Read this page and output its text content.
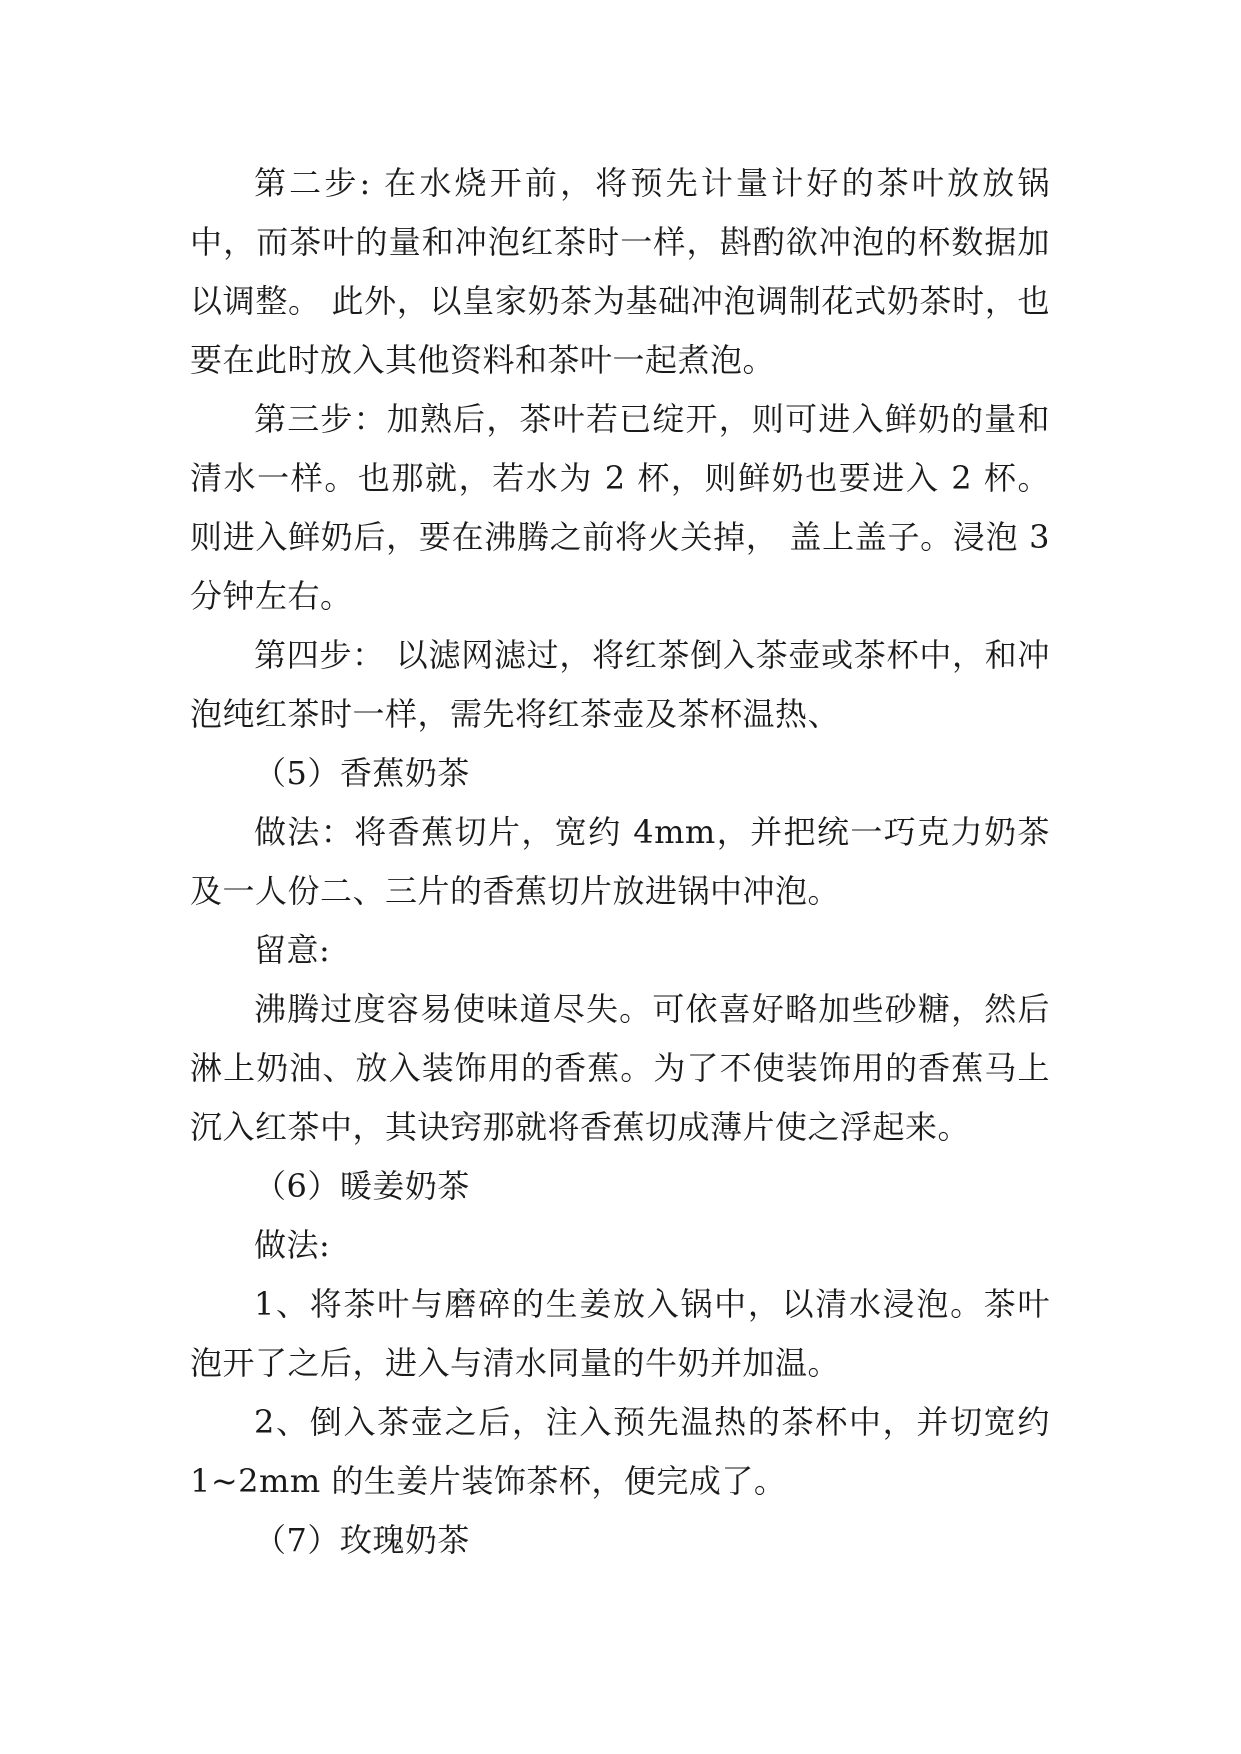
第二步: 在水烧开前，将预先计量计好的茶叶放放锅中，而茶叶的量和冲泡红茶时一样，斟酌欲冲泡的杯数据加以调整。 此外，以皇家奶茶为基础冲泡调制花式奶茶时，也要在此时放入其他资料和茶叶一起煮泡。

第三步：加熟后，茶叶若已绽开，则可进入鲜奶的量和清水一样。也那就，若水为 2 杯，则鲜奶也要进入 2 杯。则进入鲜奶后，要在沸腾之前将火关掉， 盖上盖子。浸泡 3 分钟左右。

第四步： 以滤网滤过，将红茶倒入茶壶或茶杯中，和冲泡纯红茶时一样，需先将红茶壶及茶杯温热、

（5）香蕉奶茶

做法：将香蕉切片，宽约 4mm，并把统一巧克力奶茶及一人份二、三片的香蕉切片放进锅中冲泡。

留意:

沸腾过度容易使味道尽失。可依喜好略加些砂糖，然后淋上奶油、放入装饰用的香蕉。为了不使装饰用的香蕉马上沉入红茶中，其诀窍那就将香蕉切成薄片使之浮起来。

（6）暖姜奶茶

做法:

1、将茶叶与磨碎的生姜放入锅中，以清水浸泡。茶叶泡开了之后，进入与清水同量的牛奶并加温。

2、倒入茶壶之后，注入预先温热的茶杯中，并切宽约 1~2mm 的生姜片装饰茶杯，便完成了。

（7）玫瑰奶茶
